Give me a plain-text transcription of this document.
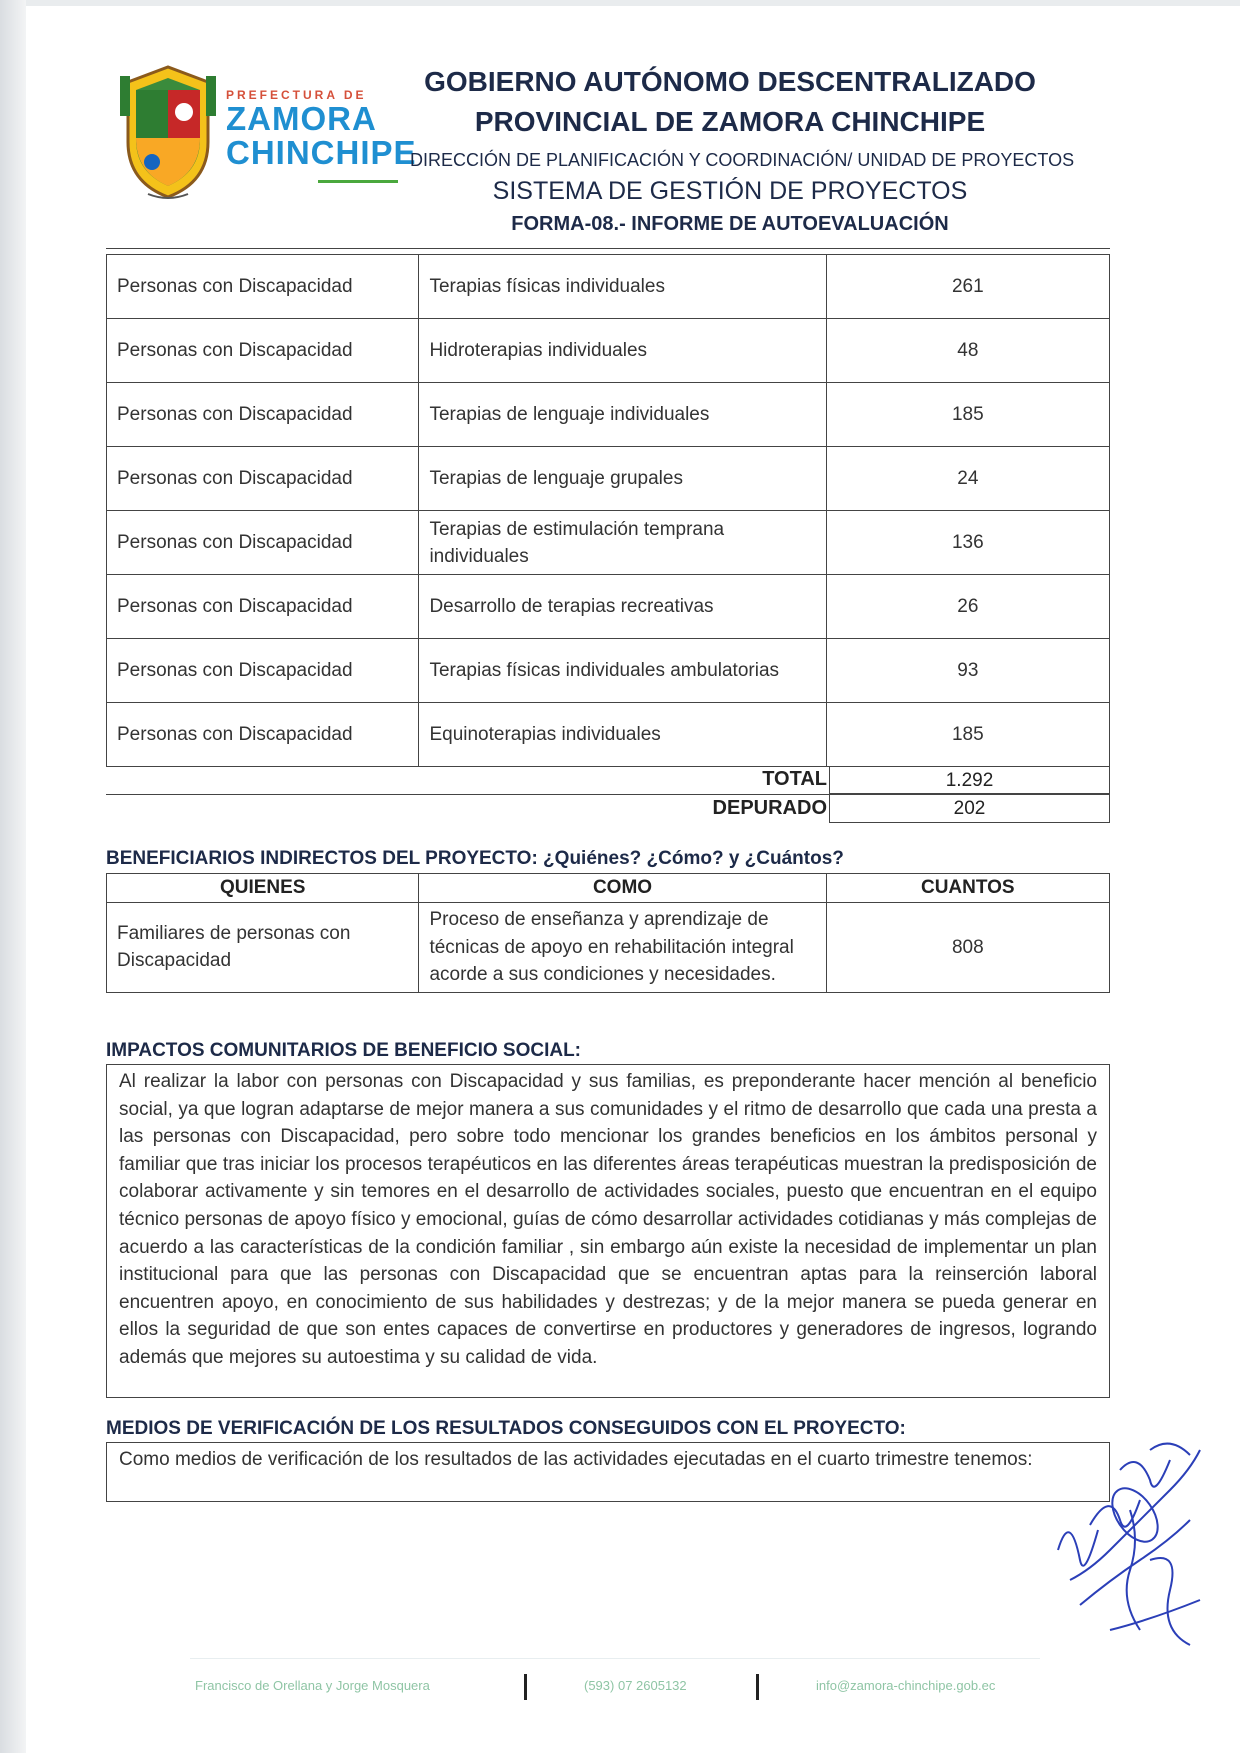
PREFECTURA DE
ZAMORA
CHINCHIPE
GOBIERNO AUTÓNOMO DESCENTRALIZADO
PROVINCIAL DE ZAMORA CHINCHIPE
DIRECCIÓN DE PLANIFICACIÓN Y COORDINACIÓN/ UNIDAD DE PROYECTOS
SISTEMA DE GESTIÓN DE PROYECTOS
FORMA-08.- INFORME DE AUTOEVALUACIÓN
Personas con Discapacidad	Terapias físicas individuales	261
Personas con Discapacidad	Hidroterapias individuales	48
Personas con Discapacidad	Terapias de lenguaje individuales	185
Personas con Discapacidad	Terapias de lenguaje grupales	24
Personas con Discapacidad	Terapias de estimulación temprana individuales	136
Personas con Discapacidad	Desarrollo de terapias recreativas	26
Personas con Discapacidad	Terapias físicas individuales ambulatorias	93
Personas con Discapacidad	Equinoterapias individuales	185
TOTAL	1.292
DEPURADO	202
BENEFICIARIOS INDIRECTOS DEL PROYECTO: ¿Quiénes? ¿Cómo? y ¿Cuántos?
QUIENES	COMO	CUANTOS
Familiares de personas con Discapacidad	Proceso de enseñanza y aprendizaje de técnicas de apoyo en rehabilitación integral acorde a sus condiciones y necesidades.	808
IMPACTOS COMUNITARIOS DE BENEFICIO SOCIAL:
Al realizar la labor con personas con Discapacidad y sus familias, es preponderante hacer mención al beneficio social, ya que logran adaptarse de mejor manera a sus comunidades y el ritmo de desarrollo que cada una presta a las personas con Discapacidad, pero sobre todo mencionar los grandes beneficios en los ámbitos personal y familiar que tras iniciar los procesos terapéuticos en las diferentes áreas terapéuticas muestran la predisposición de colaborar activamente y sin temores en el desarrollo de actividades sociales, puesto que encuentran en el equipo técnico personas de apoyo físico y emocional, guías de cómo desarrollar actividades cotidianas y más complejas de acuerdo a las características de la condición familiar , sin embargo aún existe la necesidad de implementar un plan institucional para que las personas con Discapacidad que se encuentran aptas para la reinserción laboral encuentren apoyo, en conocimiento de sus habilidades y destrezas; y de la mejor manera se pueda generar en ellos la seguridad de que son entes capaces de convertirse en productores y generadores de ingresos, logrando además que mejores su autoestima y su calidad de vida.
MEDIOS DE VERIFICACIÓN DE LOS RESULTADOS CONSEGUIDOS CON EL PROYECTO:
Como medios de verificación de los resultados de las actividades ejecutadas en el cuarto trimestre tenemos:
Francisco de Orellana y Jorge Mosquera	(593) 07 2605132	info@zamora-chinchipe.gob.ec
